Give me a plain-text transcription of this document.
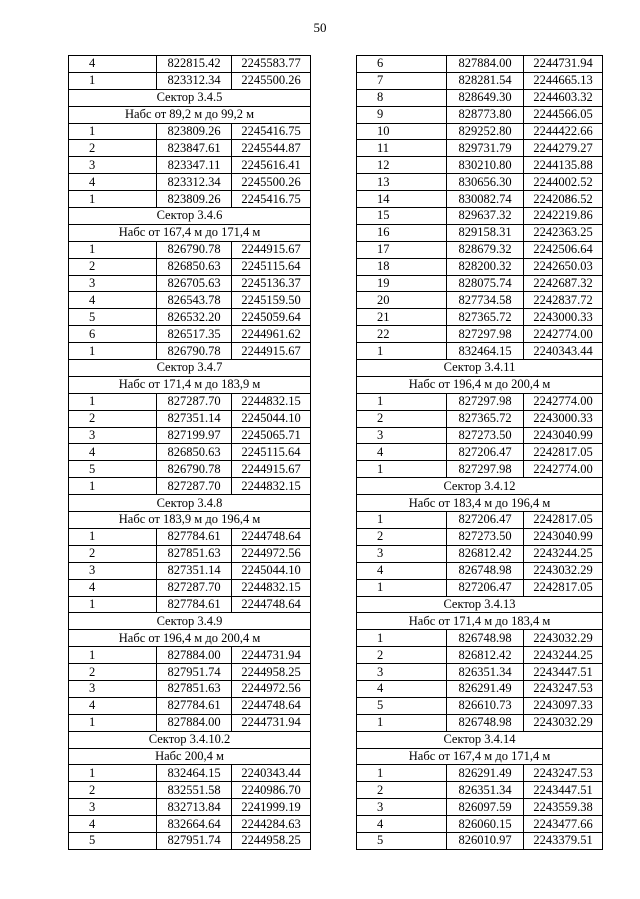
50
4	822815.42	2245583.77
1	823312.34	2245500.26
Сектор 3.4.5		
Набс от 89,2 м до 99,2 м		
1	823809.26	2245416.75
2	823847.61	2245544.87
3	823347.11	2245616.41
4	823312.34	2245500.26
1	823809.26	2245416.75
Сектор 3.4.6		
Набс от 167,4 м до 171,4 м		
1	826790.78	2244915.67
2	826850.63	2245115.64
3	826705.63	2245136.37
4	826543.78	2245159.50
5	826532.20	2245059.64
6	826517.35	2244961.62
1	826790.78	2244915.67
Сектор 3.4.7		
Набс от 171,4 м до 183,9 м		
1	827287.70	2244832.15
2	827351.14	2245044.10
3	827199.97	2245065.71
4	826850.63	2245115.64
5	826790.78	2244915.67
1	827287.70	2244832.15
Сектор 3.4.8		
Набс от 183,9 м до 196,4 м		
1	827784.61	2244748.64
2	827851.63	2244972.56
3	827351.14	2245044.10
4	827287.70	2244832.15
1	827784.61	2244748.64
Сектор 3.4.9		
Набс от 196,4 м до 200,4 м		
1	827884.00	2244731.94
2	827951.74	2244958.25
3	827851.63	2244972.56
4	827784.61	2244748.64
1	827884.00	2244731.94
Сектор 3.4.10.2		
Набс 200,4 м		
1	832464.15	2240343.44
2	832551.58	2240986.70
3	832713.84	2241999.19
4	832664.64	2244284.63
5	827951.74	2244958.25
6	827884.00	2244731.94
7	828281.54	2244665.13
8	828649.30	2244603.32
9	828773.80	2244566.05
10	829252.80	2244422.66
11	829731.79	2244279.27
12	830210.80	2244135.88
13	830656.30	2244002.52
14	830082.74	2242086.52
15	829637.32	2242219.86
16	829158.31	2242363.25
17	828679.32	2242506.64
18	828200.32	2242650.03
19	828075.74	2242687.32
20	827734.58	2242837.72
21	827365.72	2243000.33
22	827297.98	2242774.00
1	832464.15	2240343.44
Сектор 3.4.11		
Набс от 196,4 м до 200,4 м		
1	827297.98	2242774.00
2	827365.72	2243000.33
3	827273.50	2243040.99
4	827206.47	2242817.05
1	827297.98	2242774.00
Сектор 3.4.12		
Набс от 183,4 м до 196,4 м		
1	827206.47	2242817.05
2	827273.50	2243040.99
3	826812.42	2243244.25
4	826748.98	2243032.29
1	827206.47	2242817.05
Сектор 3.4.13		
Набс от 171,4 м до 183,4 м		
1	826748.98	2243032.29
2	826812.42	2243244.25
3	826351.34	2243447.51
4	826291.49	2243247.53
5	826610.73	2243097.33
1	826748.98	2243032.29
Сектор 3.4.14		
Набс от 167,4 м до 171,4 м		
1	826291.49	2243247.53
2	826351.34	2243447.51
3	826097.59	2243559.38
4	826060.15	2243477.66
5	826010.97	2243379.51
